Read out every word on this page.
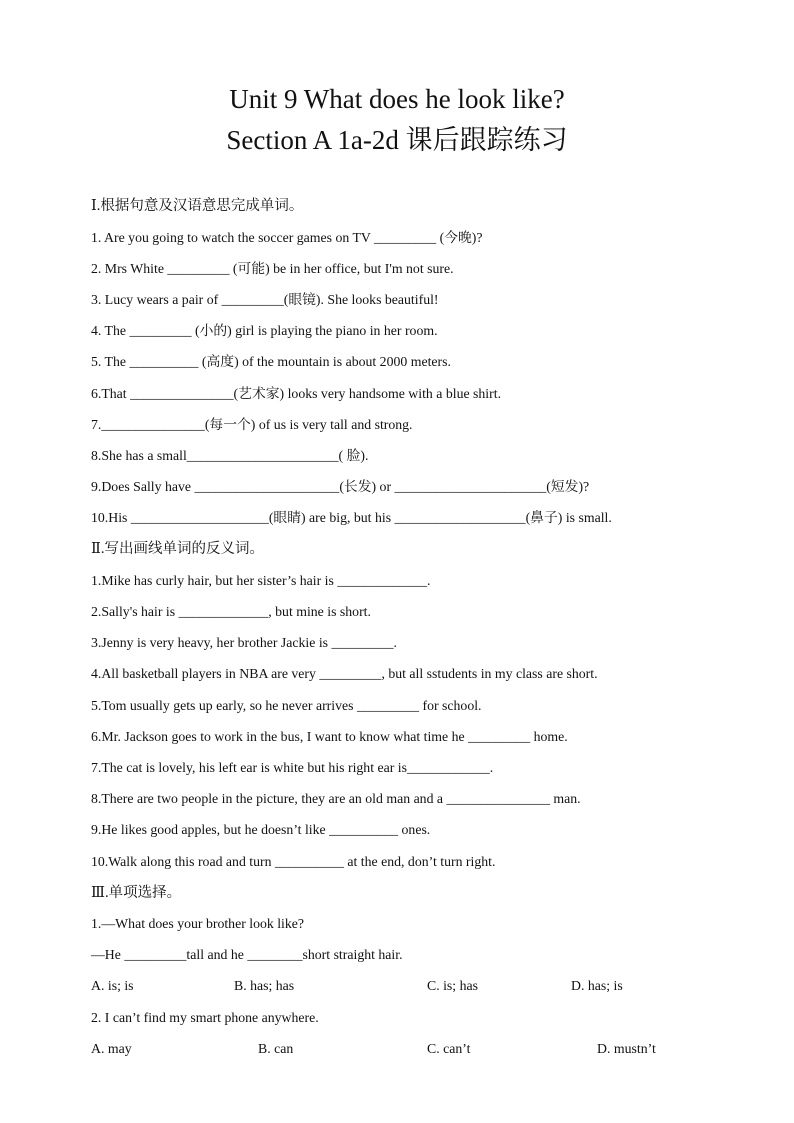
Unit 9 What does he look like?
Section A 1a-2d 课后跟踪练习
Ⅰ.根据句意及汉语意思完成单词。
1. Are you going to watch the soccer games on TV _________ (今晚)?
2. Mrs White _________ (可能) be in her office, but I'm not sure.
3. Lucy wears a pair of _________(眼镜). She looks beautiful!
4. The _________ (小的) girl is playing the piano in her room.
5. The __________ (高度) of the mountain is about 2000 meters.
6.That _______________(艺术家) looks very handsome with a blue shirt.
7._______________(每一个) of us is very tall and strong.
8.She has a small______________________( 脸).
9.Does Sally have _____________________(长发) or ______________________(短发)?
10.His ____________________(眼睛) are big, but his ___________________(鼻子) is small.
Ⅱ.写出画线单词的反义词。
1.Mike has curly hair, but her sister’s hair is _____________.
2.Sally's hair is _____________, but mine is short.
3.Jenny is very heavy, her brother Jackie is _________.
4.All basketball players in NBA are very _________, but all sstudents in my class are short.
5.Tom usually gets up early, so he never arrives _________ for school.
6.Mr. Jackson goes to work in the bus, I want to know what time he _________ home.
7.The cat is lovely, his left ear is white but his right ear is____________.
8.There are two people in the picture, they are an old man and a _______________ man.
9.He likes good apples, but he doesn’t like __________ ones.
10.Walk along this road and turn __________ at the end, don’t turn right.
Ⅲ.单项选择。
1.—What does your brother look like?
—He _________tall and he ________short straight hair.
A. is; is	B. has; has	C. is; has	D. has; is
2. I can’t find my smart phone anywhere.
A. may	B. can	C. can’t	D. mustn’t
